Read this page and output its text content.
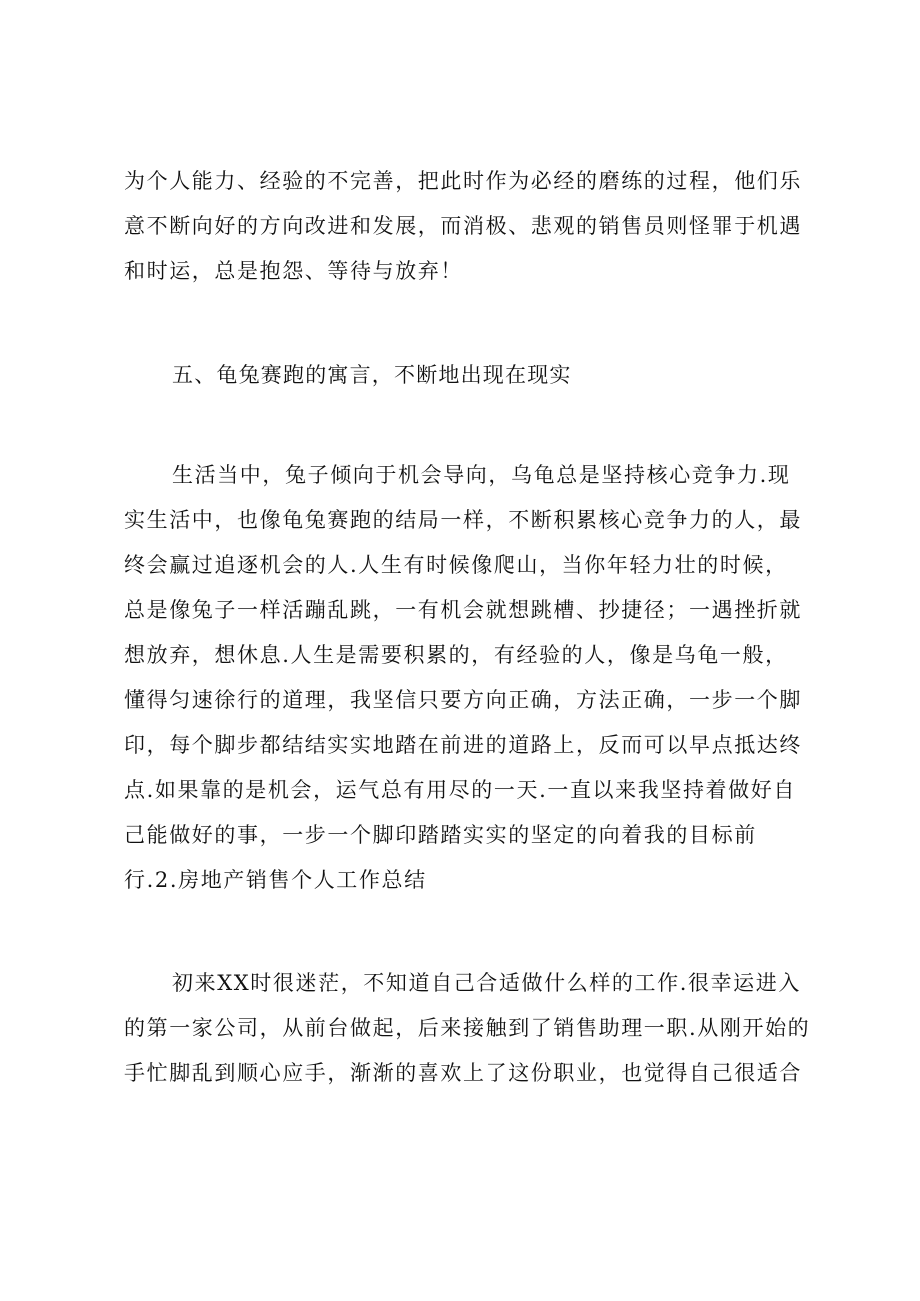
为个人能力、经验的不完善，把此时作为必经的磨练的过程，他们乐
意不断向好的方向改进和发展，而消极、悲观的销售员则怪罪于机遇
和时运，总是抱怨、等待与放弃！
五、龟兔赛跑的寓言，不断地出现在现实
生活当中，兔子倾向于机会导向，乌龟总是坚持核心竞争力.现
实生活中，也像龟兔赛跑的结局一样，不断积累核心竞争力的人，最
终会赢过追逐机会的人.人生有时候像爬山，当你年轻力壮的时候，
总是像兔子一样活蹦乱跳，一有机会就想跳槽、抄捷径；一遇挫折就
想放弃，想休息.人生是需要积累的，有经验的人，像是乌龟一般，
懂得匀速徐行的道理，我坚信只要方向正确，方法正确，一步一个脚
印，每个脚步都结结实实地踏在前进的道路上，反而可以早点抵达终
点.如果靠的是机会，运气总有用尽的一天.一直以来我坚持着做好自
己能做好的事，一步一个脚印踏踏实实的坚定的向着我的目标前
行.2.房地产销售个人工作总结
初来XX时很迷茫，不知道自己合适做什么样的工作.很幸运进入
的第一家公司，从前台做起，后来接触到了销售助理一职.从刚开始的
手忙脚乱到顺心应手，渐渐的喜欢上了这份职业，也觉得自己很适合
